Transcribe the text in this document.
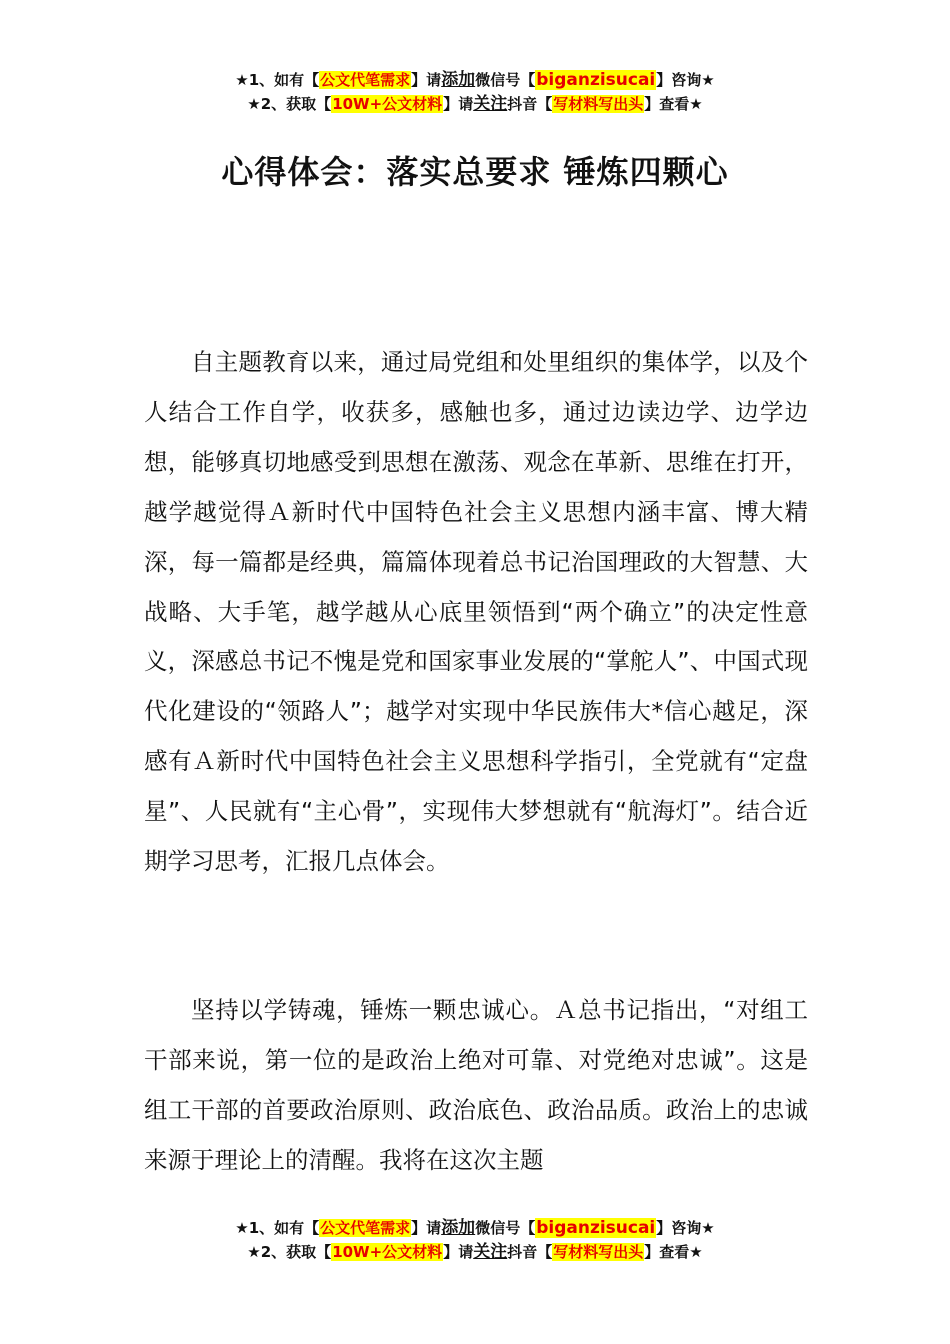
★1、如有【公文代笔需求】请添加微信号【biganzisucai】咨询★
★2、获取【10W+公文材料】请关注抖音【写材料写出头】查看★
心得体会：落实总要求 锤炼四颗心

自主题教育以来，通过局党组和处里组织的集体学，以及个人结合工作自学，收获多，感触也多，通过边读边学、边学边想，能够真切地感受到思想在激荡、观念在革新、思维在打开，越学越觉得Ａ新时代中国特色社会主义思想内涵丰富、博大精深，每一篇都是经典，篇篇体现着总书记治国理政的大智慧、大战略、大手笔，越学越从心底里领悟到“两个确立”的决定性意义，深感总书记不愧是党和国家事业发展的“掌舵人”、中国式现代化建设的“领路人”；越学对实现中华民族伟大*信心越足，深感有Ａ新时代中国特色社会主义思想科学指引，全党就有“定盘星”、人民就有“主心骨”，实现伟大梦想就有“航海灯”。结合近期学习思考，汇报几点体会。

坚持以学铸魂，锤炼一颗忠诚心。Ａ总书记指出，“对组工干部来说，第一位的是政治上绝对可靠、对党绝对忠诚”。这是组工干部的首要政治原则、政治底色、政治品质。政治上的忠诚来源于理论上的清醒。我将在这次主题

★1、如有【公文代笔需求】请添加微信号【biganzisucai】咨询★
★2、获取【10W+公文材料】请关注抖音【写材料写出头】查看★
